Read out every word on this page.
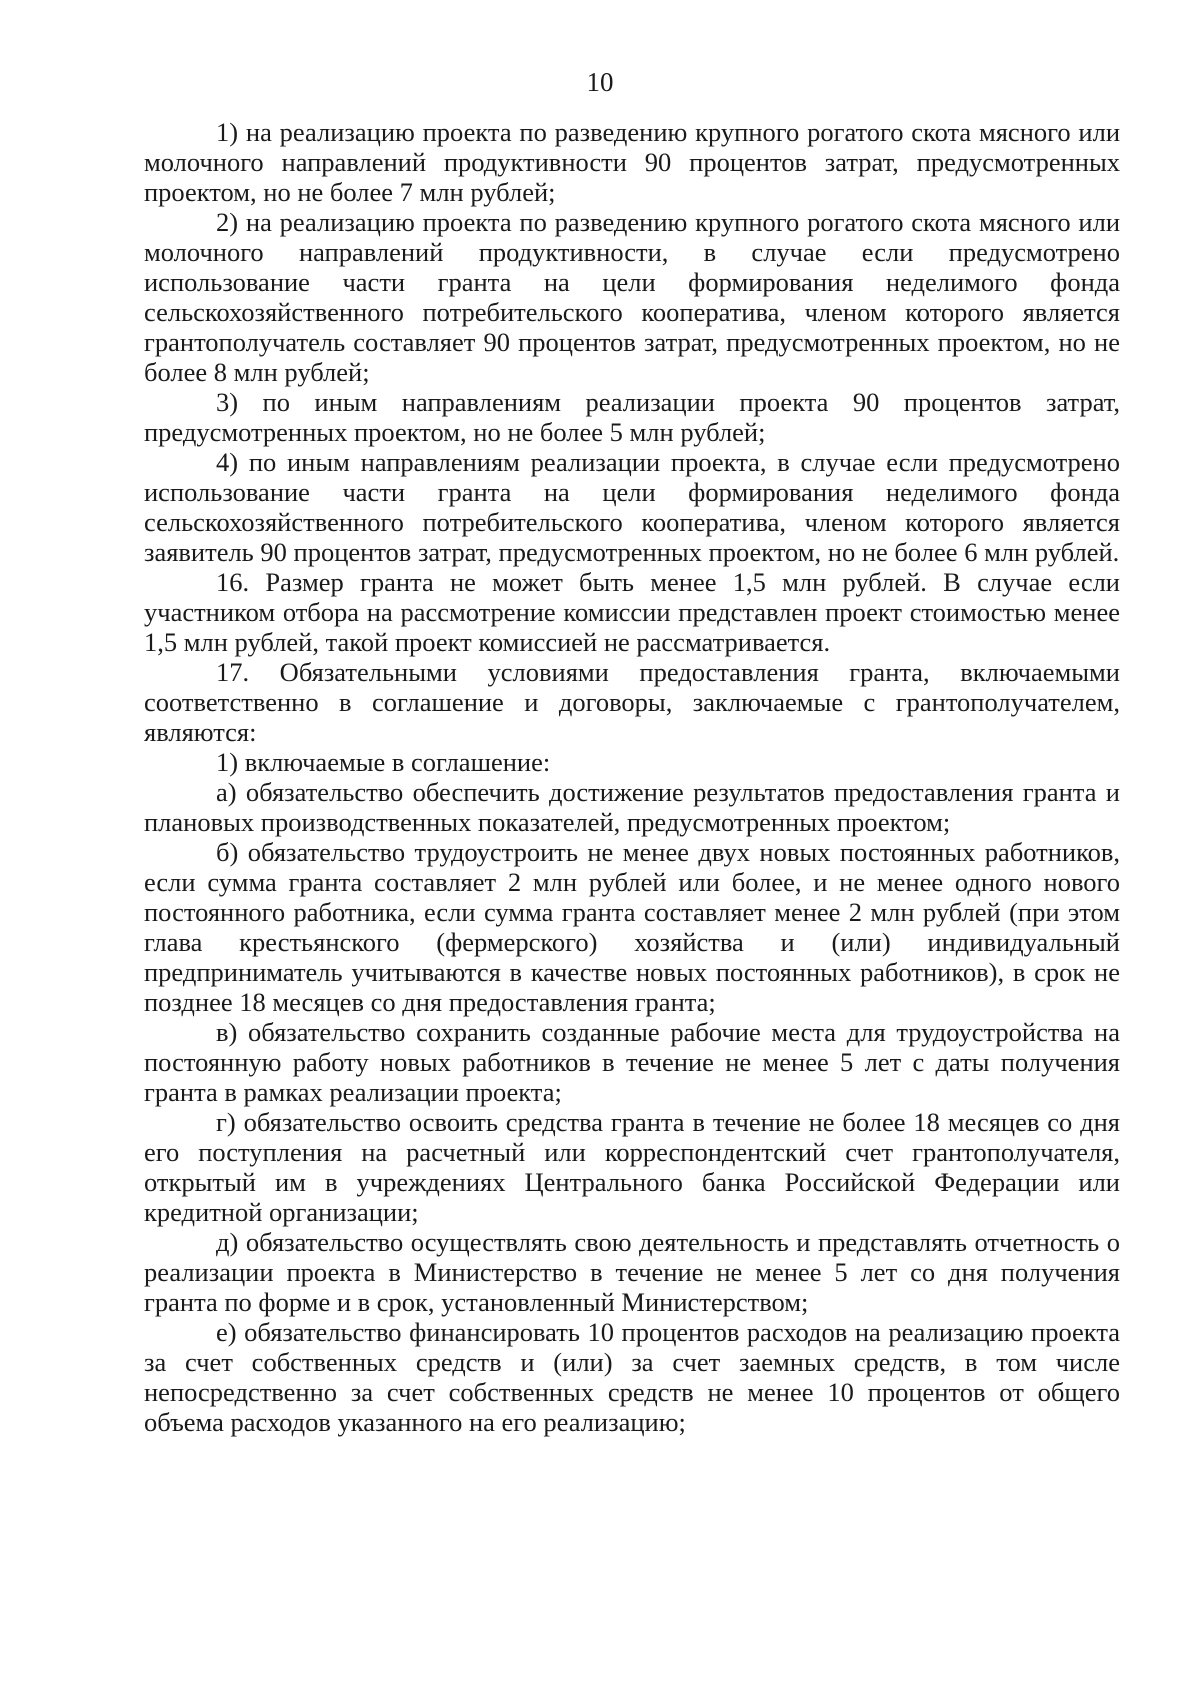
10

1) на реализацию проекта по разведению крупного рогатого скота мясного или молочного направлений продуктивности 90 процентов затрат, предусмотренных проектом, но не более 7 млн рублей;

2) на реализацию проекта по разведению крупного рогатого скота мясного или молочного направлений продуктивности, в случае если предусмотрено использование части гранта на цели формирования неделимого фонда сельскохозяйственного потребительского кооператива, членом которого является грантополучатель составляет 90 процентов затрат, предусмотренных проектом, но не более 8 млн рублей;

3) по иным направлениям реализации проекта 90 процентов затрат, предусмотренных проектом, но не более 5 млн рублей;

4) по иным направлениям реализации проекта, в случае если предусмотрено использование части гранта на цели формирования неделимого фонда сельскохозяйственного потребительского кооператива, членом которого является заявитель 90 процентов затрат, предусмотренных проектом, но не более 6 млн рублей.

16. Размер гранта не может быть менее 1,5 млн рублей. В случае если участником отбора на рассмотрение комиссии представлен проект стоимостью менее 1,5 млн рублей, такой проект комиссией не рассматривается.

17. Обязательными условиями предоставления гранта, включаемыми соответственно в соглашение и договоры, заключаемые с грантополучателем, являются:

1) включаемые в соглашение:

а) обязательство обеспечить достижение результатов предоставления гранта и плановых производственных показателей, предусмотренных проектом;

б) обязательство трудоустроить не менее двух новых постоянных работников, если сумма гранта составляет 2 млн рублей или более, и не менее одного нового постоянного работника, если сумма гранта составляет менее 2 млн рублей (при этом глава крестьянского (фермерского) хозяйства и (или) индивидуальный предприниматель учитываются в качестве новых постоянных работников), в срок не позднее 18 месяцев со дня предоставления гранта;

в) обязательство сохранить созданные рабочие места для трудоустройства на постоянную работу новых работников в течение не менее 5 лет с даты получения гранта в рамках реализации проекта;

г) обязательство освоить средства гранта в течение не более 18 месяцев со дня его поступления на расчетный или корреспондентский счет грантополучателя, открытый им в учреждениях Центрального банка Российской Федерации или кредитной организации;

д) обязательство осуществлять свою деятельность и представлять отчетность о реализации проекта в Министерство в течение не менее 5 лет со дня получения гранта по форме и в срок, установленный Министерством;

е) обязательство финансировать 10 процентов расходов на реализацию проекта за счет собственных средств и (или) за счет заемных средств, в том числе непосредственно за счет собственных средств не менее 10 процентов от общего объема расходов указанного на его реализацию;
